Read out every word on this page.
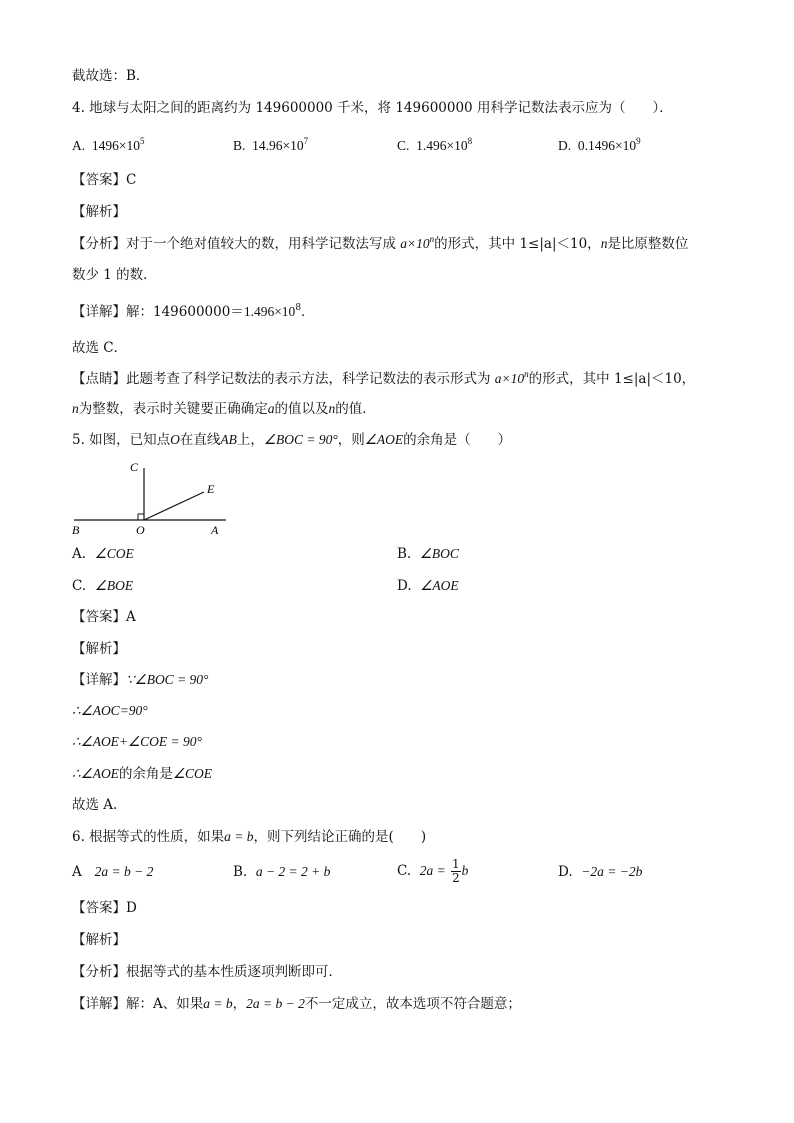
截故选：B．
4. 地球与太阳之间的距离约为 149600000 千米，将 149600000 用科学记数法表示应为（　　）．
A. $1496\times 10^5$	B. $14.96\times 10^7$	C. $1.496\times 10^8$	D. $0.1496\times 10^9$
【答案】C
【解析】
【分析】对于一个绝对值较大的数，用科学记数法写成 $a\times 10^n$的形式，其中 1≤|a|＜10，n是比原整数位
数少 1 的数．
【详解】解：$149600000=1.496\times 10^8$．
故选 C．
【点睛】此题考查了科学记数法的表示方法，科学记数法的表示形式为 $a\times 10^n$的形式，其中 1≤|a|＜10，
n为整数，表示时关键要正确确定a的值以及n的值．
5. 如图，已知点O在直线AB上，∠BOC = 90°，则∠AOE的余角是（　　）
C
E
B	O	A
A. ∠COE	B. ∠BOC
C. ∠BOE	D. ∠AOE
【答案】A
【解析】
【详解】∵∠BOC = 90°
∴∠AOC=90°
∴∠AOE+∠COE = 90°
∴∠AOE的余角是∠COE
故选 A.
6. 根据等式的性质，如果a = b，则下列结论正确的是(　　)
A 2a = b − 2	B. a − 2 = 2 + b	C. $2a = \frac{1}{2}$ b	D. −2a = −2b
【答案】D
【解析】
【分析】根据等式的基本性质逐项判断即可．
【详解】解：A、如果a = b，2a = b − 2不一定成立，故本选项不符合题意；
